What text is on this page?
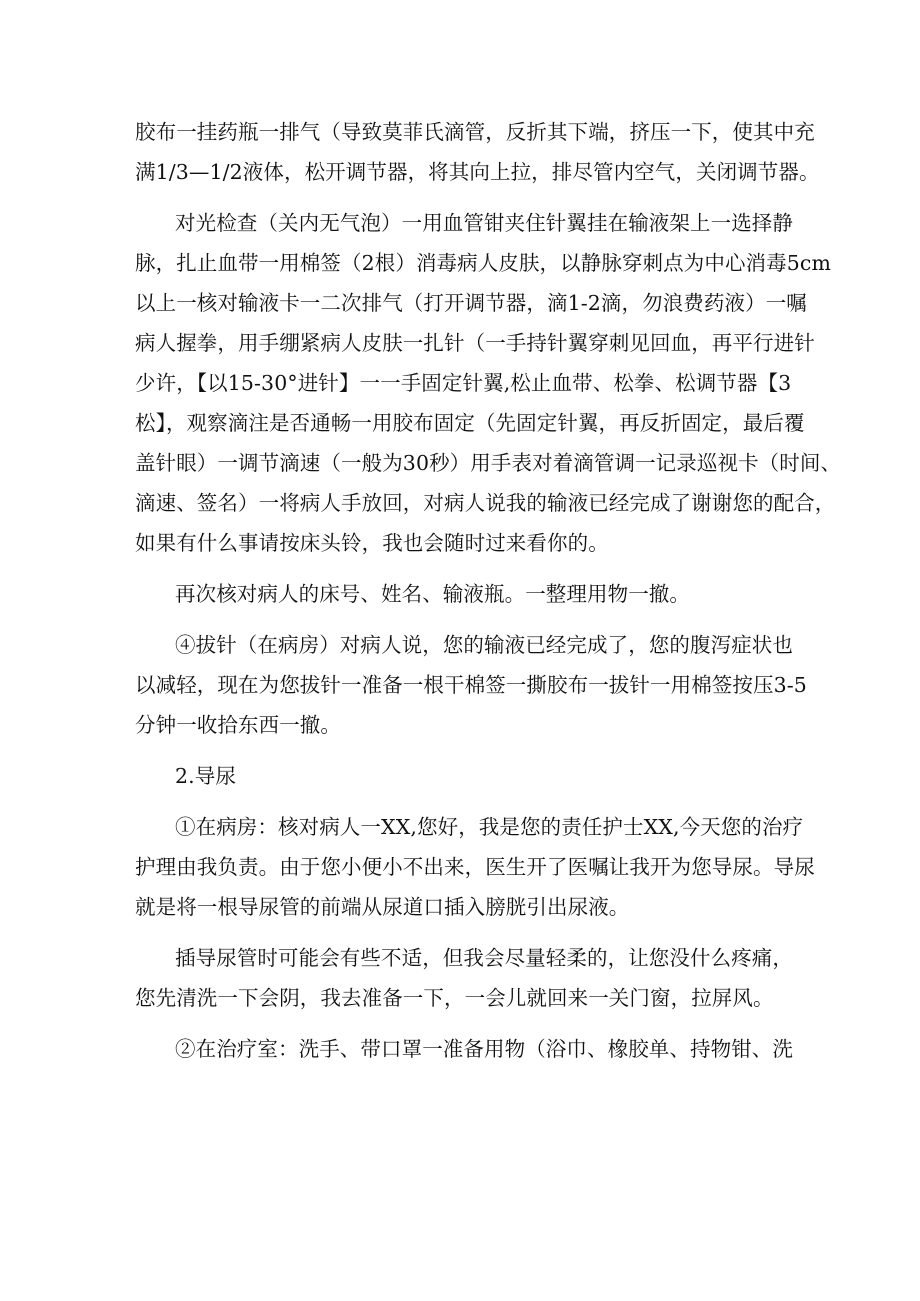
胶布一挂药瓶一排气（导致莫菲氏滴管，反折其下端，挤压一下，使其中充
满1/3—1/2液体，松开调节器，将其向上拉，排尽管内空气，关闭调节器。
对光检查（关内无气泡）一用血管钳夹住针翼挂在输液架上一选择静
脉，扎止血带一用棉签（2根）消毒病人皮肤，以静脉穿刺点为中心消毒5cm
以上一核对输液卡一二次排气（打开调节器，滴1-2滴，勿浪费药液）一嘱
病人握拳，用手绷紧病人皮肤一扎针（一手持针翼穿刺见回血，再平行进针
少许，【以15-30°进针】一一手固定针翼,松止血带、松拳、松调节器【3
松】，观察滴注是否通畅一用胶布固定（先固定针翼，再反折固定，最后覆
盖针眼）一调节滴速（一般为30秒）用手表对着滴管调一记录巡视卡（时间、
滴速、签名）一将病人手放回，对病人说我的输液已经完成了谢谢您的配合，
如果有什么事请按床头铃，我也会随时过来看你的。
再次核对病人的床号、姓名、输液瓶。一整理用物一撤。
④拔针（在病房）对病人说，您的输液已经完成了，您的腹泻症状也
以减轻，现在为您拔针一准备一根干棉签一撕胶布一拔针一用棉签按压3-5
分钟一收拾东西一撤。
2.导尿
①在病房：核对病人一XX,您好，我是您的责任护士XX,今天您的治疗
护理由我负责。由于您小便小不出来，医生开了医嘱让我开为您导尿。导尿
就是将一根导尿管的前端从尿道口插入膀胱引出尿液。
插导尿管时可能会有些不适，但我会尽量轻柔的，让您没什么疼痛，
您先清洗一下会阴，我去准备一下，一会儿就回来一关门窗，拉屏风。
②在治疗室：洗手、带口罩一准备用物（浴巾、橡胶单、持物钳、洗
